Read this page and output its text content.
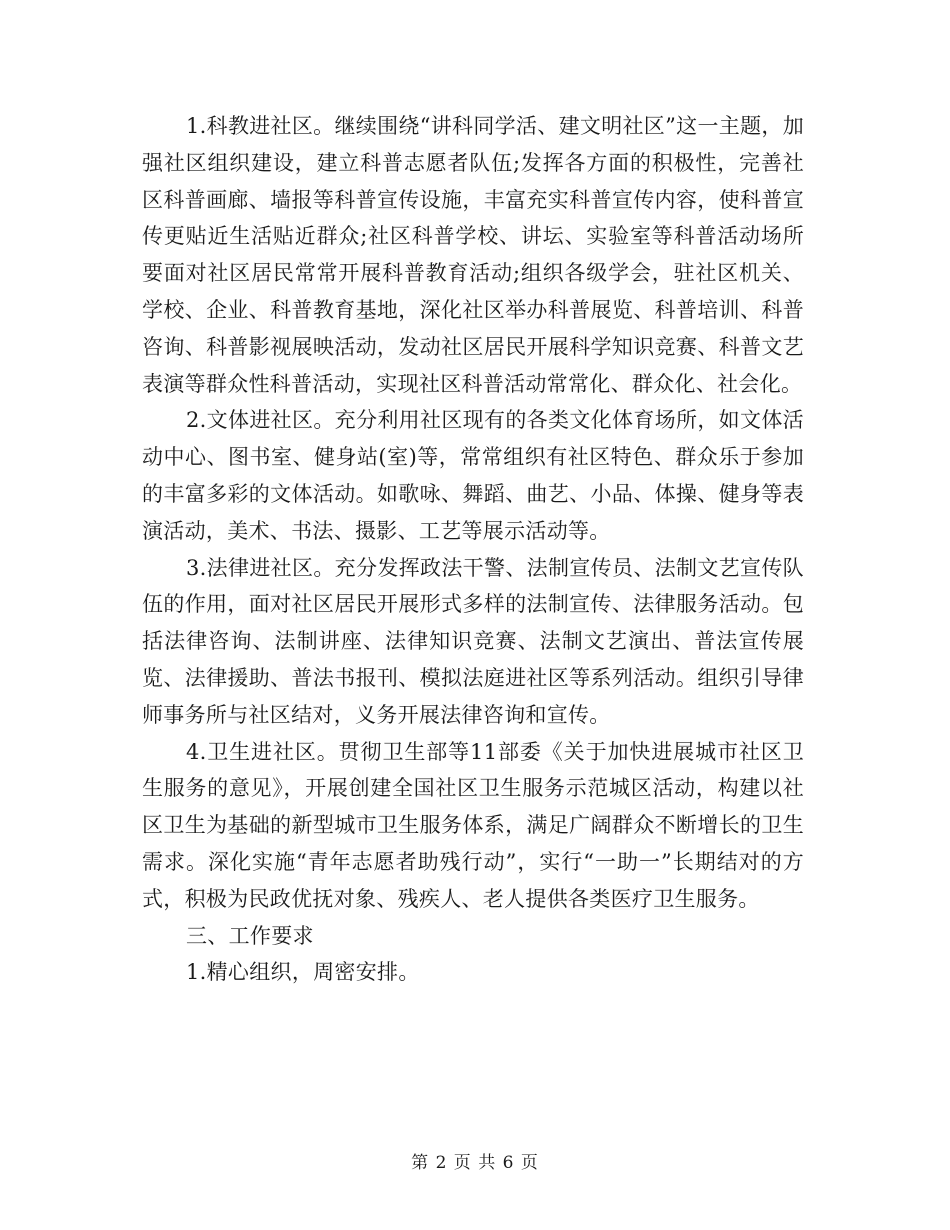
1.科教进社区。继续围绕“讲科同学活、建文明社区”这一主题，加强社区组织建设，建立科普志愿者队伍;发挥各方面的积极性，完善社区科普画廊、墙报等科普宣传设施，丰富充实科普宣传内容，使科普宣传更贴近生活贴近群众;社区科普学校、讲坛、实验室等科普活动场所要面对社区居民常常开展科普教育活动;组织各级学会，驻社区机关、学校、企业、科普教育基地，深化社区举办科普展览、科普培训、科普咨询、科普影视展映活动，发动社区居民开展科学知识竞赛、科普文艺表演等群众性科普活动，实现社区科普活动常常化、群众化、社会化。

2.文体进社区。充分利用社区现有的各类文化体育场所，如文体活动中心、图书室、健身站(室)等，常常组织有社区特色、群众乐于参加的丰富多彩的文体活动。如歌咏、舞蹈、曲艺、小品、体操、健身等表演活动，美术、书法、摄影、工艺等展示活动等。

3.法律进社区。充分发挥政法干警、法制宣传员、法制文艺宣传队伍的作用，面对社区居民开展形式多样的法制宣传、法律服务活动。包括法律咨询、法制讲座、法律知识竞赛、法制文艺演出、普法宣传展览、法律援助、普法书报刊、模拟法庭进社区等系列活动。组织引导律师事务所与社区结对，义务开展法律咨询和宣传。

4.卫生进社区。贯彻卫生部等11部委《关于加快进展城市社区卫生服务的意见》，开展创建全国社区卫生服务示范城区活动，构建以社区卫生为基础的新型城市卫生服务体系，满足广阔群众不断增长的卫生需求。深化实施“青年志愿者助残行动”，实行“一助一”长期结对的方式，积极为民政优抚对象、残疾人、老人提供各类医疗卫生服务。

三、工作要求

1.精心组织，周密安排。

第 2 页 共 6 页
